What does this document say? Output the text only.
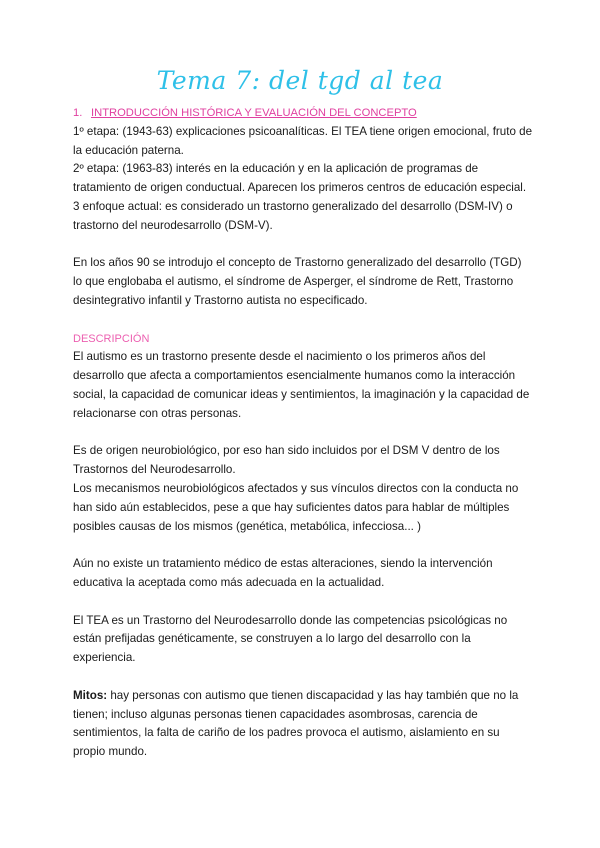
Tema 7: del tgd al tea

1. INTRODUCCIÓN HISTÓRICA Y EVALUACIÓN DEL CONCEPTO

1º etapa: (1943-63) explicaciones psicoanalíticas. El TEA tiene origen emocional, fruto de la educación paterna.

2º etapa: (1963-83) interés en la educación y en la aplicación de programas de tratamiento de origen conductual. Aparecen los primeros centros de educación especial.

3 enfoque actual: es considerado un trastorno generalizado del desarrollo (DSM-IV) o trastorno del neurodesarrollo (DSM-V).

En los años 90 se introdujo el concepto de Trastorno generalizado del desarrollo (TGD) lo que englobaba el autismo, el síndrome de Asperger, el síndrome de Rett, Trastorno desintegrativo infantil y Trastorno autista no especificado.

DESCRIPCIÓN

El autismo es un trastorno presente desde el nacimiento o los primeros años del desarrollo que afecta a comportamientos esencialmente humanos como la interacción social, la capacidad de comunicar ideas y sentimientos, la imaginación y la capacidad de relacionarse con otras personas.

Es de origen neurobiológico, por eso han sido incluidos por el DSM V dentro de los Trastornos del Neurodesarrollo.

Los mecanismos neurobiológicos afectados y sus vínculos directos con la conducta no han sido aún establecidos, pese a que hay suficientes datos para hablar de múltiples posibles causas de los mismos (genética, metabólica, infecciosa... )

Aún no existe un tratamiento médico de estas alteraciones, siendo la intervención educativa la aceptada como más adecuada en la actualidad.

El TEA es un Trastorno del Neurodesarrollo donde las competencias psicológicas no están prefijadas genéticamente, se construyen a lo largo del desarrollo con la experiencia.

Mitos: hay personas con autismo que tienen discapacidad y las hay también que no la tienen; incluso algunas personas tienen capacidades asombrosas, carencia de sentimientos, la falta de cariño de los padres provoca el autismo, aislamiento en su propio mundo.
